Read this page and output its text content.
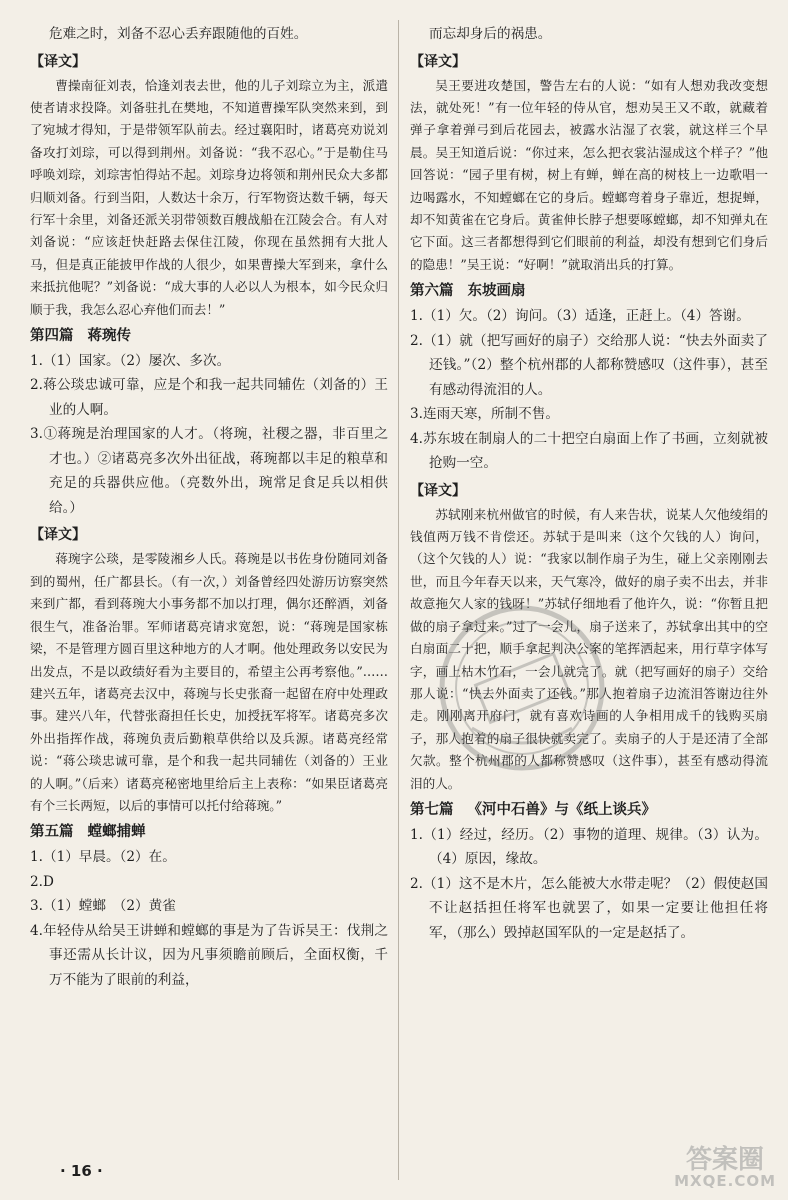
危难之时，刘备不忍心丢弃跟随他的百姓。
【译文】
曹操南征刘表，恰逢刘表去世，他的儿子刘琮立为主，派遣使者请求投降。刘备驻扎在樊地，不知道曹操军队突然来到，到了宛城才得知，于是带领军队前去。经过襄阳时，诸葛亮劝说刘备攻打刘琮，可以得到荆州。刘备说：“我不忍心。”于是勒住马呼唤刘琮，刘琮害怕得站不起。刘琮身边将领和荆州民众大多都归顺刘备。行到当阳，人数达十余万，行军物资达数千辆，每天行军十余里，刘备还派关羽带领数百艘战船在江陵会合。有人对刘备说：“应该赶快赶路去保住江陵，你现在虽然拥有大批人马，但是真正能披甲作战的人很少，如果曹操大军到来，拿什么来抵抗他呢？”刘备说：“成大事的人必以人为根本，如今民众归顺于我，我怎么忍心弃他们而去！”
第四篇 蒋琬传
1.（1）国家。（2）屡次、多次。
2.蒋公琰忠诚可靠，应是个和我一起共同辅佐（刘备的）王业的人啊。
3.①蒋琬是治理国家的人才。（将琬，社稷之器，非百里之才也。）②诸葛亮多次外出征战，蒋琬都以丰足的粮草和充足的兵器供应他。（亮数外出，琬常足食足兵以相供给。）
【译文】
蒋琬字公琰，是零陵湘乡人氏。蒋琬是以书佐身份随同刘备到的蜀州，任广都县长。（有一次，）刘备曾经四处游历访察突然来到广都，看到蒋琬大小事务都不加以打理，偶尔还醉酒，刘备很生气，准备治罪。军师诸葛亮请求宽恕，说：“蒋琬是国家栋梁，不是管理方圆百里这种地方的人才啊。他处理政务以安民为出发点，不是以政绩好看为主要目的，希望主公再考察他。”……建兴五年，诸葛亮去汉中，蒋琬与长史张裔一起留在府中处理政事。建兴八年，代替张裔担任长史，加授抚军将军。诸葛亮多次外出指挥作战，蒋琬负责后勤粮草供给以及兵源。诸葛亮经常说：“蒋公琰忠诚可靠，是个和我一起共同辅佐（刘备的）王业的人啊。”（后来）诸葛亮秘密地里给后主上表称：“如果臣诸葛亮有个三长两短，以后的事情可以托付给蒋琬。”
第五篇 螳螂捕蝉
1.（1）早晨。（2）在。
2.D
3.（1）螳螂　（2）黄雀
4.年轻侍从给吴王讲蝉和螳螂的事是为了告诉吴王：伐荆之事还需从长计议，因为凡事须瞻前顾后，全面权衡，千万不能为了眼前的利益，
而忘却身后的祸患。
【译文】
吴王要进攻楚国，警告左右的人说：“如有人想劝我改变想法，就处死！”有一位年轻的侍从官，想劝吴王又不敢，就藏着弹子拿着弹弓到后花园去，被露水沾湿了衣裳，就这样三个早晨。吴王知道后说：“你过来，怎么把衣裳沾湿成这个样子？”他回答说：“园子里有树，树上有蝉，蝉在高的树枝上一边歌唱一边喝露水，不知螳螂在它的身后。螳螂弯着身子靠近，想捉蝉，却不知黄雀在它身后。黄雀伸长脖子想要啄螳螂，却不知弹丸在它下面。这三者都想得到它们眼前的利益，却没有想到它们身后的隐患！”吴王说：“好啊！”就取消出兵的打算。
第六篇 东坡画扇
1.（1）欠。（2）询问。（3）适逢，正赶上。（4）答谢。
2.（1）就（把写画好的扇子）交给那人说：“快去外面卖了还钱。”（2）整个杭州郡的人都称赞感叹（这件事），甚至有感动得流泪的人。
3.连雨天寒，所制不售。
4.苏东坡在制扇人的二十把空白扇面上作了书画，立刻就被抢购一空。
【译文】
苏轼刚来杭州做官的时候，有人来告状，说某人欠他绫绢的钱值两万钱不肯偿还。苏轼于是叫来（这个欠钱的人）询问，（这个欠钱的人）说：“我家以制作扇子为生，碰上父亲刚刚去世，而且今年春天以来，天气寒冷，做好的扇子卖不出去，并非故意拖欠人家的钱呀！”苏轼仔细地看了他许久，说：“你暂且把做的扇子拿过来。”过了一会儿，扇子送来了，苏轼拿出其中的空白扇面二十把，顺手拿起判决公案的笔挥洒起来，用行草字体写字，画上枯木竹石，一会儿就完了。就（把写画好的扇子）交给那人说：“快去外面卖了还钱。”那人抱着扇子边流泪答谢边往外走。刚刚离开府门，就有喜欢诗画的人争相用成千的钱购买扇子，那人抱着的扇子很快就卖完了。卖扇子的人于是还清了全部欠款。整个杭州郡的人都称赞感叹（这件事），甚至有感动得流泪的人。
第七篇 《河中石兽》与《纸上谈兵》
1.（1）经过，经历。（2）事物的道理、规律。（3）认为。（4）原因，缘故。
2.（1）这不是木片，怎么能被大水带走呢？（2）假使赵国不让赵括担任将军也就罢了，如果一定要让他担任将军，（那么）毁掉赵国军队的一定是赵括了。
· 16 ·	答案圈
MXQE.COM
